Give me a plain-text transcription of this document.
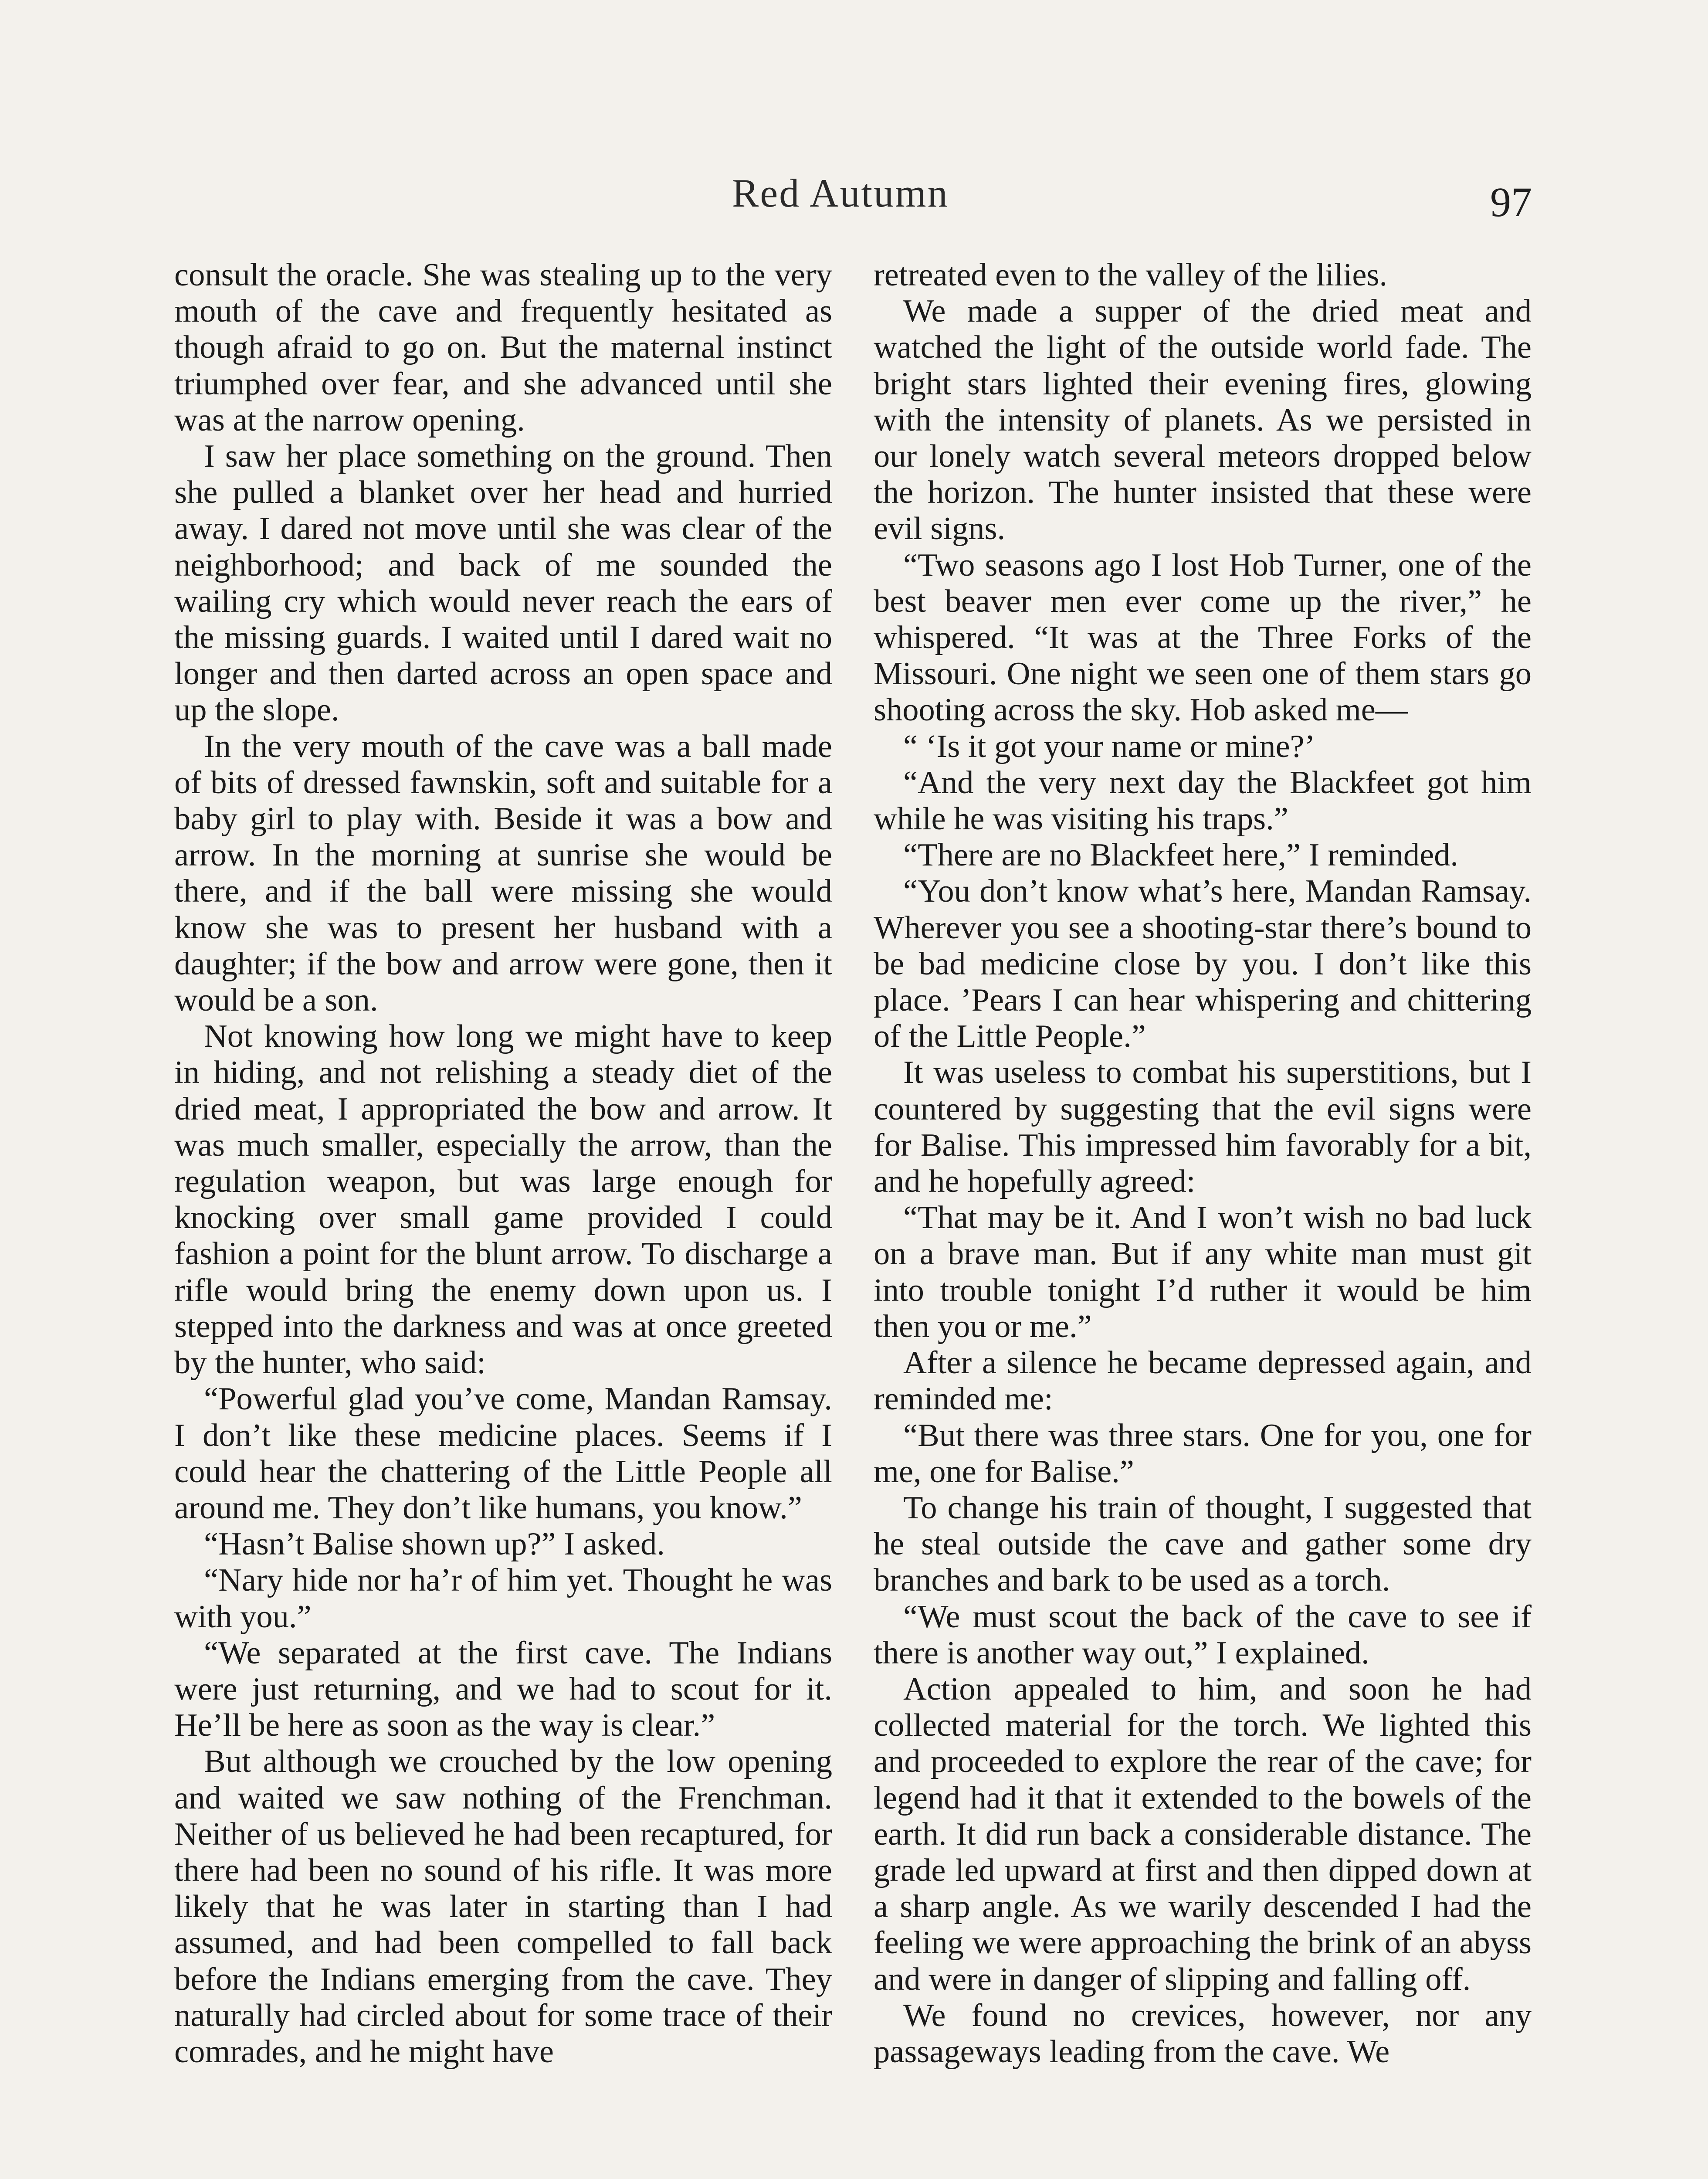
Red Autumn	97

consult the oracle. She was stealing up to the very mouth of the cave and frequently hesitated as though afraid to go on. But the maternal instinct triumphed over fear, and she advanced until she was at the narrow opening.

I saw her place something on the ground. Then she pulled a blanket over her head and hurried away. I dared not move until she was clear of the neighborhood; and back of me sounded the wailing cry which would never reach the ears of the missing guards. I waited until I dared wait no longer and then darted across an open space and up the slope.

In the very mouth of the cave was a ball made of bits of dressed fawnskin, soft and suitable for a baby girl to play with. Beside it was a bow and arrow. In the morning at sunrise she would be there, and if the ball were missing she would know she was to present her husband with a daughter; if the bow and arrow were gone, then it would be a son.

Not knowing how long we might have to keep in hiding, and not relishing a steady diet of the dried meat, I appropriated the bow and arrow. It was much smaller, especially the arrow, than the regulation weapon, but was large enough for knocking over small game provided I could fashion a point for the blunt arrow. To discharge a rifle would bring the enemy down upon us. I stepped into the darkness and was at once greeted by the hunter, who said:

“Powerful glad you’ve come, Mandan Ramsay. I don’t like these medicine places. Seems if I could hear the chattering of the Little People all around me. They don’t like humans, you know.”

“Hasn’t Balise shown up?” I asked.

“Nary hide nor ha’r of him yet. Thought he was with you.”

“We separated at the first cave. The Indians were just returning, and we had to scout for it. He’ll be here as soon as the way is clear.”

But although we crouched by the low opening and waited we saw nothing of the Frenchman. Neither of us believed he had been recaptured, for there had been no sound of his rifle. It was more likely that he was later in starting than I had assumed, and had been compelled to fall back before the Indians emerging from the cave. They naturally had circled about for some trace of their comrades, and he might have

retreated even to the valley of the lilies.

We made a supper of the dried meat and watched the light of the outside world fade. The bright stars lighted their evening fires, glowing with the intensity of planets. As we persisted in our lonely watch several meteors dropped below the horizon. The hunter insisted that these were evil signs.

“Two seasons ago I lost Hob Turner, one of the best beaver men ever come up the river,” he whispered. “It was at the Three Forks of the Missouri. One night we seen one of them stars go shooting across the sky. Hob asked me—

“ ‘Is it got your name or mine?’

“And the very next day the Blackfeet got him while he was visiting his traps.”

“There are no Blackfeet here,” I reminded.

“You don’t know what’s here, Mandan Ramsay. Wherever you see a shooting-star there’s bound to be bad medicine close by you. I don’t like this place. ’Pears I can hear whispering and chittering of the Little People.”

It was useless to combat his superstitions, but I countered by suggesting that the evil signs were for Balise. This impressed him favorably for a bit, and he hopefully agreed:

“That may be it. And I won’t wish no bad luck on a brave man. But if any white man must git into trouble tonight I’d ruther it would be him then you or me.”

After a silence he became depressed again, and reminded me:

“But there was three stars. One for you, one for me, one for Balise.”

To change his train of thought, I suggested that he steal outside the cave and gather some dry branches and bark to be used as a torch.

“We must scout the back of the cave to see if there is another way out,” I explained.

Action appealed to him, and soon he had collected material for the torch. We lighted this and proceeded to explore the rear of the cave; for legend had it that it extended to the bowels of the earth. It did run back a considerable distance. The grade led upward at first and then dipped down at a sharp angle. As we warily descended I had the feeling we were approaching the brink of an abyss and were in danger of slipping and falling off.

We found no crevices, however, nor any passageways leading from the cave. We
